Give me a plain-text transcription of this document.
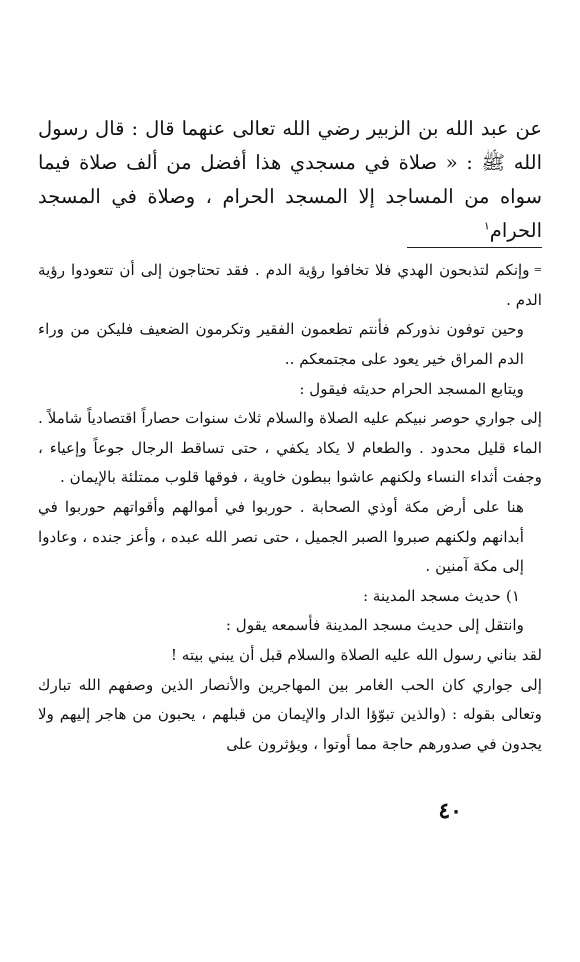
عن عبد الله بن الزبير رضي الله تعالى عنهما قال : قال رسول الله ﷺ : « صلاة في مسجدي هذا أفضل من ألف صلاة فيما سواه من المساجد إلا المسجد الحرام ، وصلاة في المسجد الحرام$^١$

=وإنكم لتذبحون الهدي فلا تخافوا رؤية الدم . فقد تحتاجون إلى أن تتعودوا رؤية الدم .

وحين توفون نذوركم فأنتم تطعمون الفقير وتكرمون الضعيف فليكن من وراء الدم المراق خير يعود على مجتمعكم ..

ويتابع المسجد الحرام حديثه فيقول :

إلى جواري حوصر نبيكم عليه الصلاة والسلام ثلاث سنوات حصاراً اقتصادياً شاملاً . الماء قليل محدود . والطعام لا يكاد يكفي ، حتى تساقط الرجال جوعاً وإعياء ، وجفت أثداء النساء ولكنهم عاشوا ببطون خاوية ، فوقها قلوب ممتلئة بالإيمان .

هنا على أرض مكة أوذي الصحابة . حوربوا في أموالهم وأقواتهم حوربوا في أبدانهم ولكنهم صبروا الصبر الجميل ، حتى نصر الله عبده ، وأعز جنده ، وعادوا إلى مكة آمنين .

١) حديث مسجد المدينة :

وانتقل إلى حديث مسجد المدينة فأسمعه يقول :

لقد بناني رسول الله عليه الصلاة والسلام قبل أن يبني بيته !

إلى جواري كان الحب الغامر بين المهاجرين والأنصار الذين وصفهم الله تبارك وتعالى بقوله : (والذين تبوّؤا الدار والإيمان من قبلهم ، يحبون من هاجر إليهم ولا يجدون في صدورهم حاجة مما أوتوا ، ويؤثرون على

٤٠
